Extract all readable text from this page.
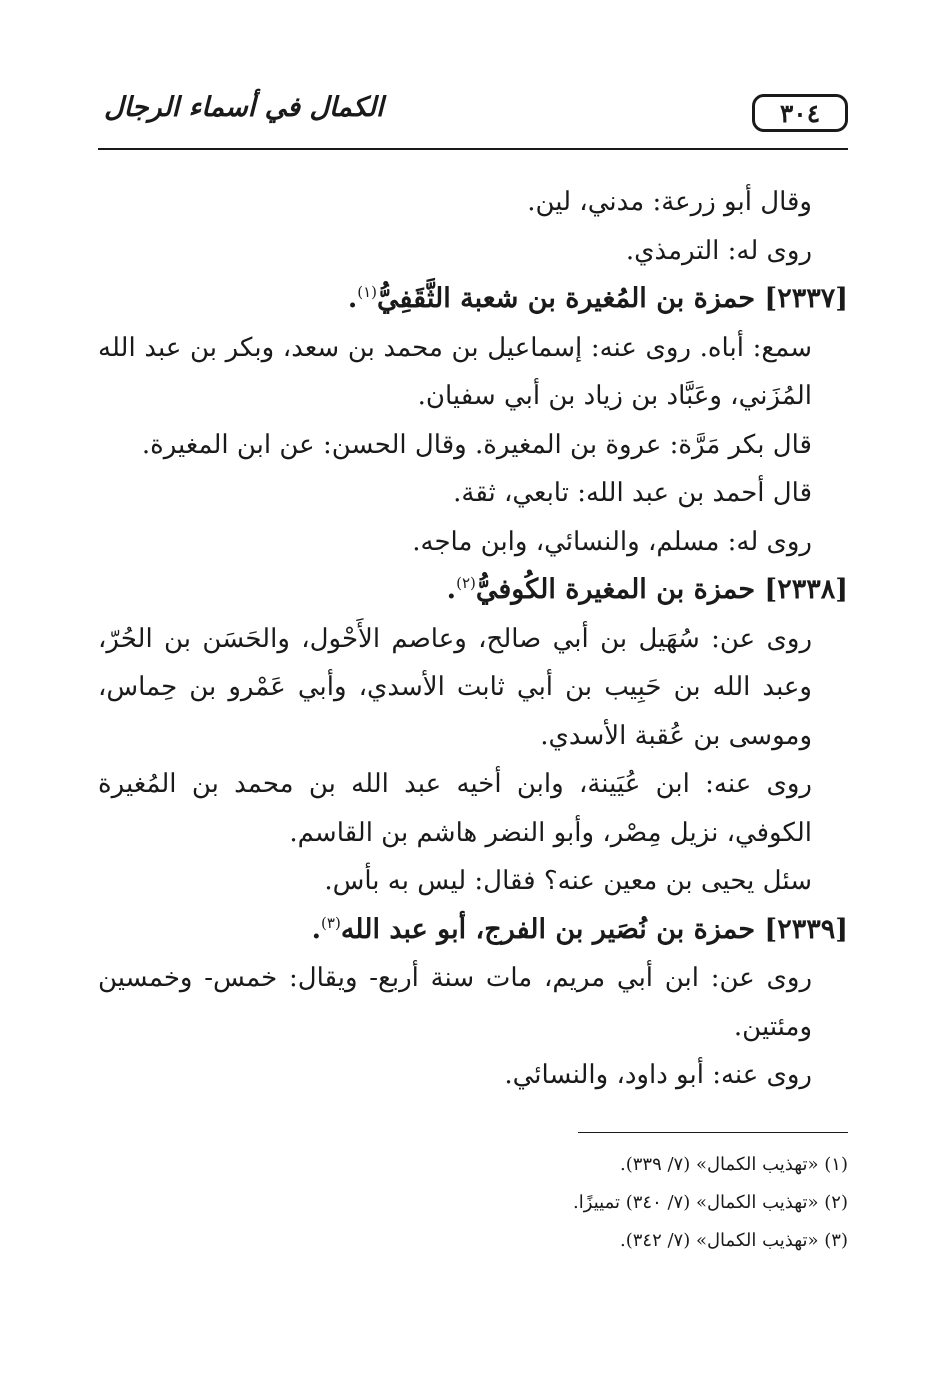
٣٠٤
الكمال في أسماء الرجال

وقال أبو زرعة: مدني، لين.

روى له: الترمذي.

[٢٣٣٧] حمزة بن المُغيرة بن شعبة الثَّقَفِيُّ$^{(١)}$.

سمع: أباه. روى عنه: إسماعيل بن محمد بن سعد، وبكر بن عبد الله المُزَني، وعَبَّاد بن زياد بن أبي سفيان.

قال بكر مَرَّة: عروة بن المغيرة. وقال الحسن: عن ابن المغيرة.

قال أحمد بن عبد الله: تابعي، ثقة.

روى له: مسلم، والنسائي، وابن ماجه.

[٢٣٣٨] حمزة بن المغيرة الكُوفيُّ$^{(٢)}$.

روى عن: سُهَيل بن أبي صالح، وعاصم الأَحْول، والحَسَن بن الحُرّ، وعبد الله بن حَبِيب بن أبي ثابت الأسدي، وأبي عَمْرو بن حِماس، وموسى بن عُقبة الأسدي.

روى عنه: ابن عُيَينة، وابن أخيه عبد الله بن محمد بن المُغيرة الكوفي، نزيل مِصْر، وأبو النضر هاشم بن القاسم.

سئل يحيى بن معين عنه؟ فقال: ليس به بأس.

[٢٣٣٩] حمزة بن نُصَير بن الفرج، أبو عبد الله$^{(٣)}$.

روى عن: ابن أبي مريم، مات سنة أربع- ويقال: خمس- وخمسين ومئتين.

روى عنه: أبو داود، والنسائي.

(١) «تهذيب الكمال» (٧/ ٣٣٩).

(٢) «تهذيب الكمال» (٧/ ٣٤٠) تمييزًا.

(٣) «تهذيب الكمال» (٧/ ٣٤٢).
